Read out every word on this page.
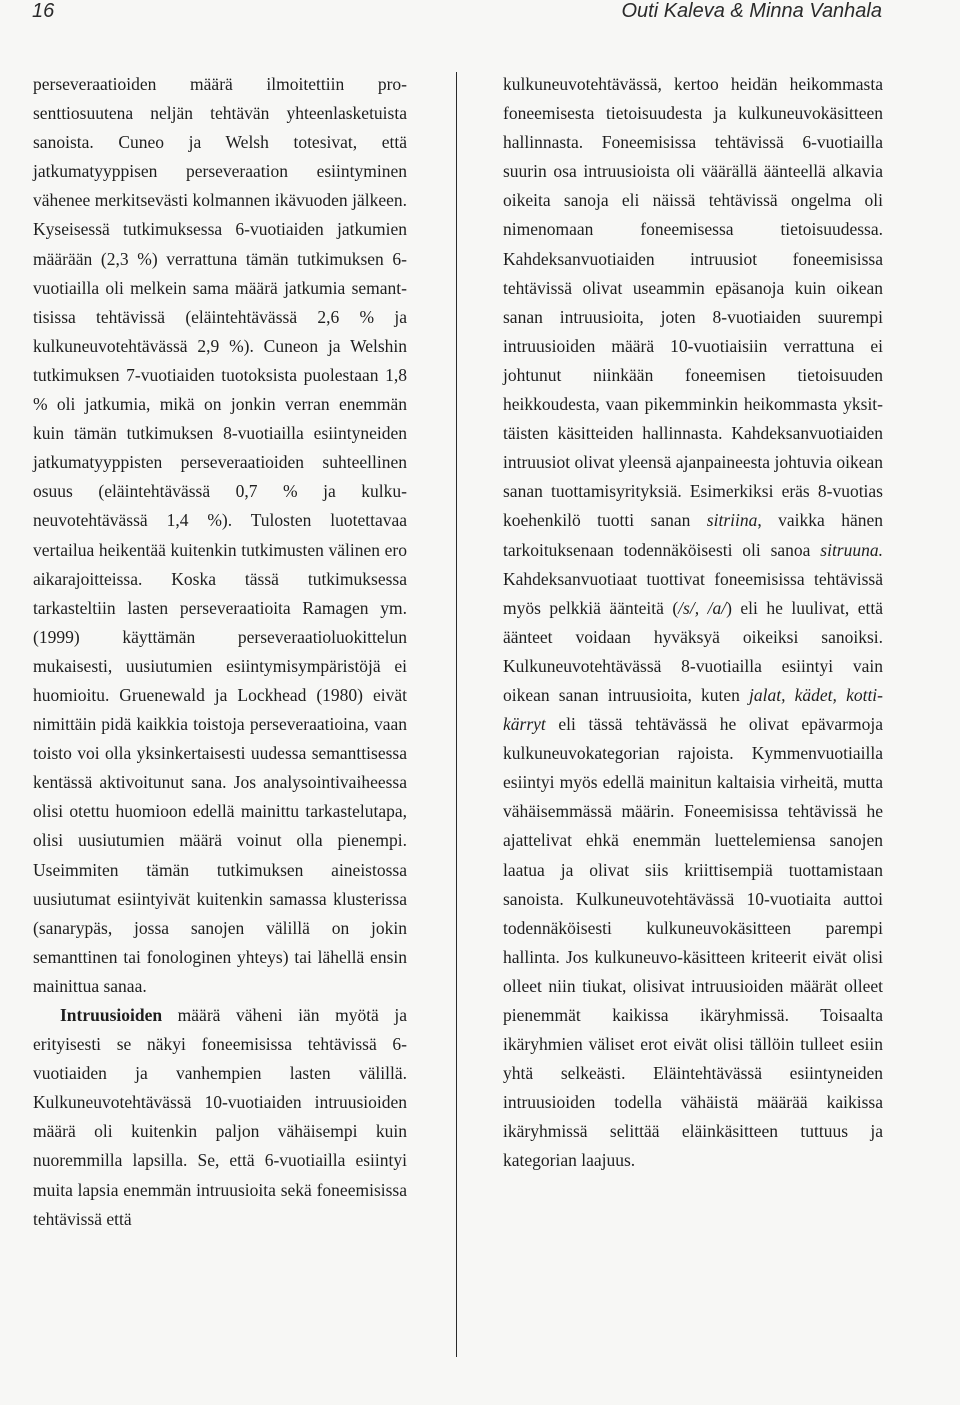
16	Outi Kaleva & Minna Vanhala

perseveraatioiden määrä ilmoitettiin prosenttiosuutena neljän tehtävän yhteenlasketuista sanoista. Cuneo ja Welsh totesivat, että jatkumatyyppisen perseveraation esiintyminen vähenee merkitsevästi kolmannen ikävuoden jälkeen. Kyseisessä tutkimuksessa 6-vuotiaiden jatkumien määrään (2,3 %) verrattuna tämän tutkimuksen 6-vuotiailla oli melkein sama määrä jatkumia semanttisissa tehtävissä (eläintehtävässä 2,6 % ja kulkuneuvotehtävässä 2,9 %). Cuneon ja Welshin tutkimuksen 7-vuotiaiden tuotoksista puolestaan 1,8 % oli jatkumia, mikä on jonkin verran enemmän kuin tämän tutkimuksen 8-vuotiailla esiintyneiden jatkumatyyppisten perseveraatioiden suhteellinen osuus (eläintehtävässä 0,7 % ja kulkuneuvotehtävässä 1,4 %). Tulosten luotettavaa vertailua heikentää kuitenkin tutkimusten välinen ero aikarajoitteissa. Koska tässä tutkimuksessa tarkasteltiin lasten perseveraatioita Ramagen ym. (1999) käyttämän perseveraatioluokittelun mukaisesti, uusiutumien esiintymisympäristöjä ei huomioitu. Gruenewald ja Lockhead (1980) eivät nimittäin pidä kaikkia toistoja perseveraatioina, vaan toisto voi olla yksinkertaisesti uudessa semanttisessa kentässä aktivoitunut sana. Jos analysointivaiheessa olisi otettu huomioon edellä mainittu tarkastelutapa, olisi uusiutumien määrä voinut olla pienempi. Useimmiten tämän tutkimuksen aineistossa uusiutumat esiintyivät kuitenkin samassa klusterissa (sanarypäs, jossa sanojen välillä on jokin semanttinen tai fonologinen yhteys) tai lähellä ensin mainittua sanaa.

Intruusioiden määrä väheni iän myötä ja erityisesti se näkyi foneemisissa tehtävissä 6-vuotiaiden ja vanhempien lasten välillä. Kulkuneuvotehtävässä 10-vuotiaiden intruusioiden määrä oli kuitenkin paljon vähäisempi kuin nuoremmilla lapsilla. Se, että 6-vuotiailla esiintyi muita lapsia enemmän intruusioita sekä foneemisissa tehtävissä että

kulkuneuvotehtävässä, kertoo heidän heikommasta foneemisesta tietoisuudesta ja kulkuneuvokäsitteen hallinnasta. Foneemisissa tehtävissä 6-vuotiailla suurin osa intruusioista oli väärällä äänteellä alkavia oikeita sanoja eli näissä tehtävissä ongelma oli nimenomaan foneemisessa tietoisuudessa. Kahdeksanvuotiaiden intruusiot foneemisissa tehtävissä olivat useammin epäsanoja kuin oikean sanan intruusioita, joten 8-vuotiaiden suurempi intruusioiden määrä 10-vuotiaisiin verrattuna ei johtunut niinkään foneemisen tietoisuuden heikkoudesta, vaan pikemminkin heikommasta yksittäisten käsitteiden hallinnasta. Kahdeksanvuotiaiden intruusiot olivat yleensä ajanpaineesta johtuvia oikean sanan tuottamisyrityksiä. Esimerkiksi eräs 8-vuotias koehenkilö tuotti sanan sitriina, vaikka hänen tarkoituksenaan todennäköisesti oli sanoa sitruuna. Kahdeksanvuotiaat tuottivat foneemisissa tehtävissä myös pelkkiä äänteitä (/s/, /a/) eli he luulivat, että äänteet voidaan hyväksyä oikeiksi sanoiksi. Kulkuneuvotehtävässä 8-vuotiailla esiintyi vain oikean sanan intruusioita, kuten jalat, kädet, kottikärryt eli tässä tehtävässä he olivat epävarmoja kulkuneuvokategorian rajoista. Kymmenvuotiailla esiintyi myös edellä mainitun kaltaisia virheitä, mutta vähäisemmässä määrin. Foneemisissa tehtävissä he ajattelivat ehkä enemmän luettelemiensa sanojen laatua ja olivat siis kriittisempiä tuottamistaan sanoista. Kulkuneuvotehtävässä 10-vuotiaita auttoi todennäköisesti kulkuneuvokäsitteen parempi hallinta. Jos kulkuneuvo-käsitteen kriteerit eivät olisi olleet niin tiukat, olisivat intruusioiden määrät olleet pienemmät kaikissa ikäryhmissä. Toisaalta ikäryhmien väliset erot eivät olisi tällöin tulleet esiin yhtä selkeästi. Eläintehtävässä esiintyneiden intruusioiden todella vähäistä määrää kaikissa ikäryhmissä selittää eläinkäsitteen tuttuus ja kategorian laajuus.
